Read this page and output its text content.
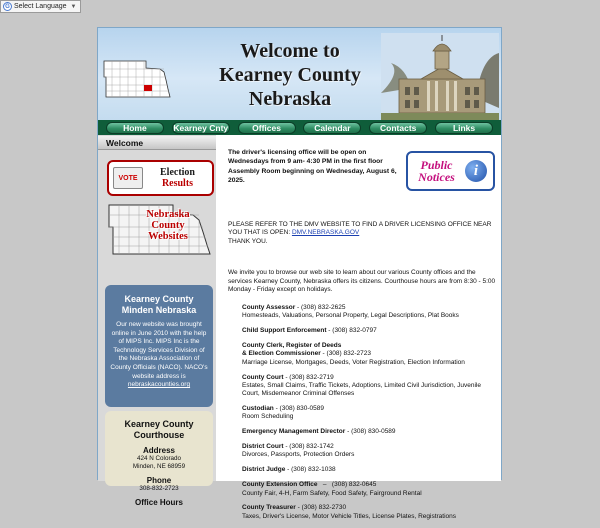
G Select Language ▼
Welcome to
Kearney County
Nebraska
Home	Kearney Cnty	Offices	Calendar	Contacts	Links
Welcome
VOTE	Election
Results
Nebraska
County
Websites
Kearney County
Minden Nebraska

Our new website was brought online in June 2010 with the help of MIPS Inc. MIPS Inc is the Technology Services Division of the Nebraska Association of County Officials (NACO). NACO's website address is
nebraskacounties.org

Kearney County
Courthouse
Address

424 N Colorado

Minden, NE 68959

Phone

308-832-2723

Office Hours
The driver's licensing office will be open on Wednesdays from 9 am- 4:30 PM in the first floor Assembly Room beginning on Wednesday, August 6, 2025.
Public
Notices	i
PLEASE REFER TO THE DMV WEBSITE TO FIND A DRIVER LICENSING OFFICE NEAR YOU THAT IS OPEN: DMV.NEBRASKA.GOV
THANK YOU.
We invite you to browse our web site to learn about our various County offices and the services Kearney County, Nebraska offers its citizens. Courthouse hours are from 8:30 - 5:00 Monday - Friday except on holidays.
County Assessor - (308) 832-2625
Homesteads, Valuations, Personal Property, Legal Descriptions, Plat Books
Child Support Enforcement - (308) 832-0797
County Clerk, Register of Deeds
& Election Commissioner - (308) 832-2723
Marriage License, Mortgages, Deeds, Voter Registration, Election Information
County Court - (308) 832-2719
Estates, Small Claims, Traffic Tickets, Adoptions, Limited Civil Jurisdiction, Juvenile Court, Misdemeanor Criminal Offenses
Custodian - (308) 830-0589
Room Scheduling
Emergency Management Director - (308) 830-0589
District Court - (308) 832-1742
Divorces, Passports, Protection Orders
District Judge - (308) 832-1038
County Extension Office   –   (308) 832-0645
County Fair, 4-H, Farm Safety, Food Safety, Fairground Rental
County Treasurer - (308) 832-2730
Taxes, Driver's License, Motor Vehicle Titles, License Plates, Registrations
